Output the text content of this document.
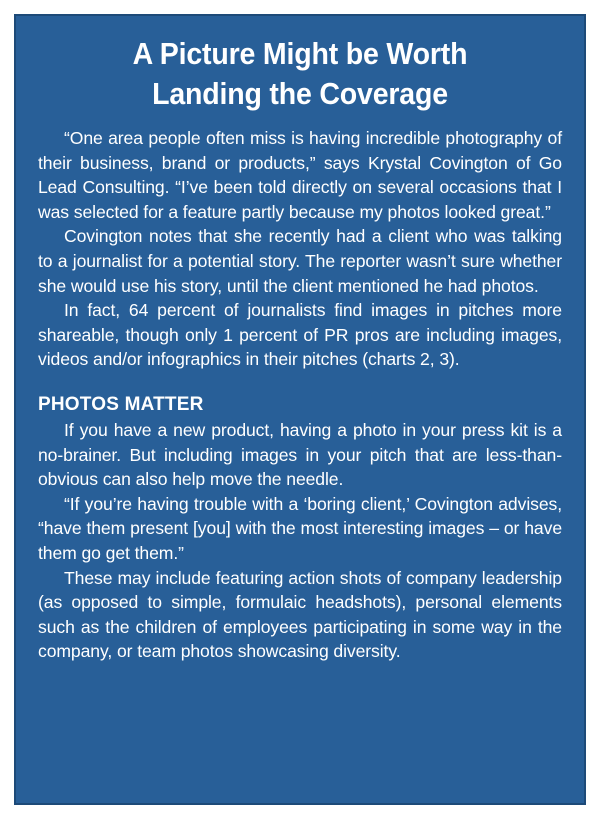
A Picture Might be Worth
Landing the Coverage

“One area people often miss is having incredible photography of their business, brand or products,” says Krystal Covington of Go Lead Consulting. “I’ve been told directly on several occasions that I was selected for a feature partly because my photos looked great.”

Covington notes that she recently had a client who was talking to a journalist for a potential story. The reporter wasn’t sure whether she would use his story, until the client mentioned he had photos.

In fact, 64 percent of journalists find images in pitches more shareable, though only 1 percent of PR pros are including images, videos and/or infographics in their pitches (charts 2, 3).

PHOTOS MATTER

If you have a new product, having a photo in your press kit is a no-brainer. But including images in your pitch that are less-than-obvious can also help move the needle.

“If you’re having trouble with a ‘boring client,’ Covington advises, “have them present [you] with the most interesting images – or have them go get them.”

These may include featuring action shots of company leadership (as opposed to simple, formulaic headshots), personal elements such as the children of employees participating in some way in the company, or team photos showcasing diversity.
